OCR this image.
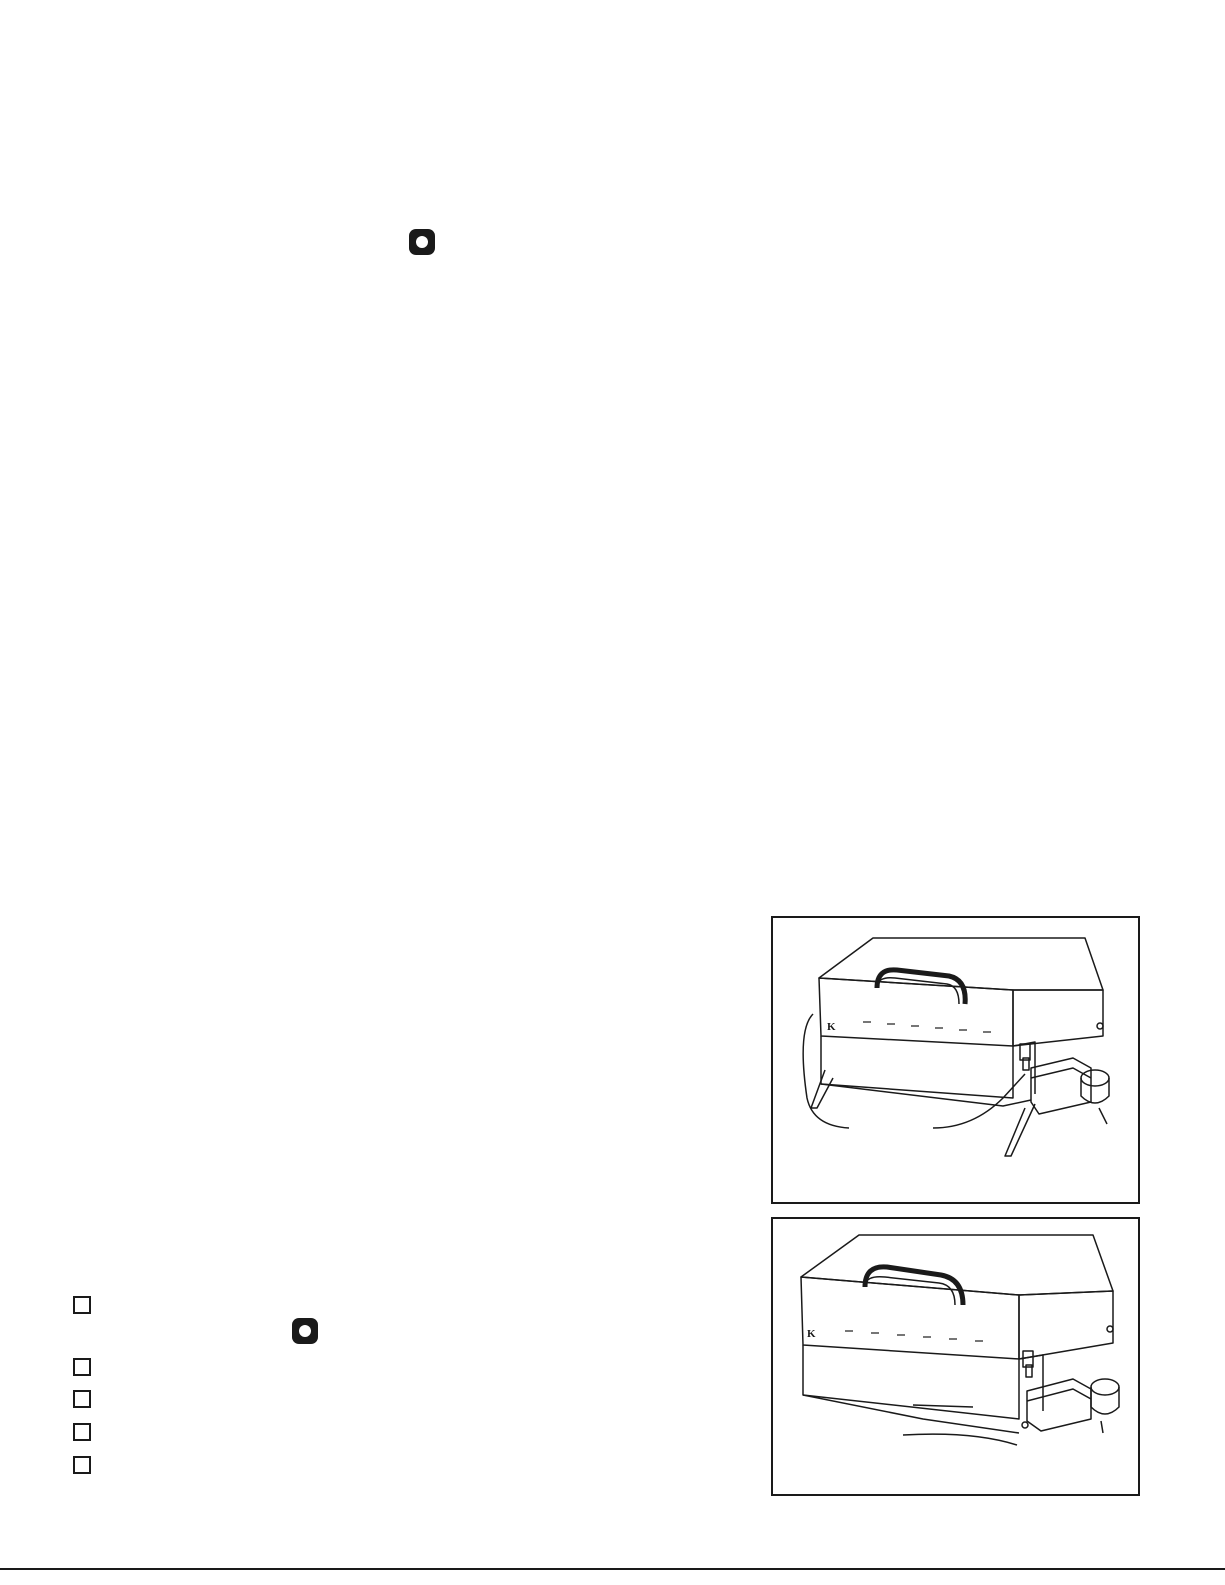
K
K
